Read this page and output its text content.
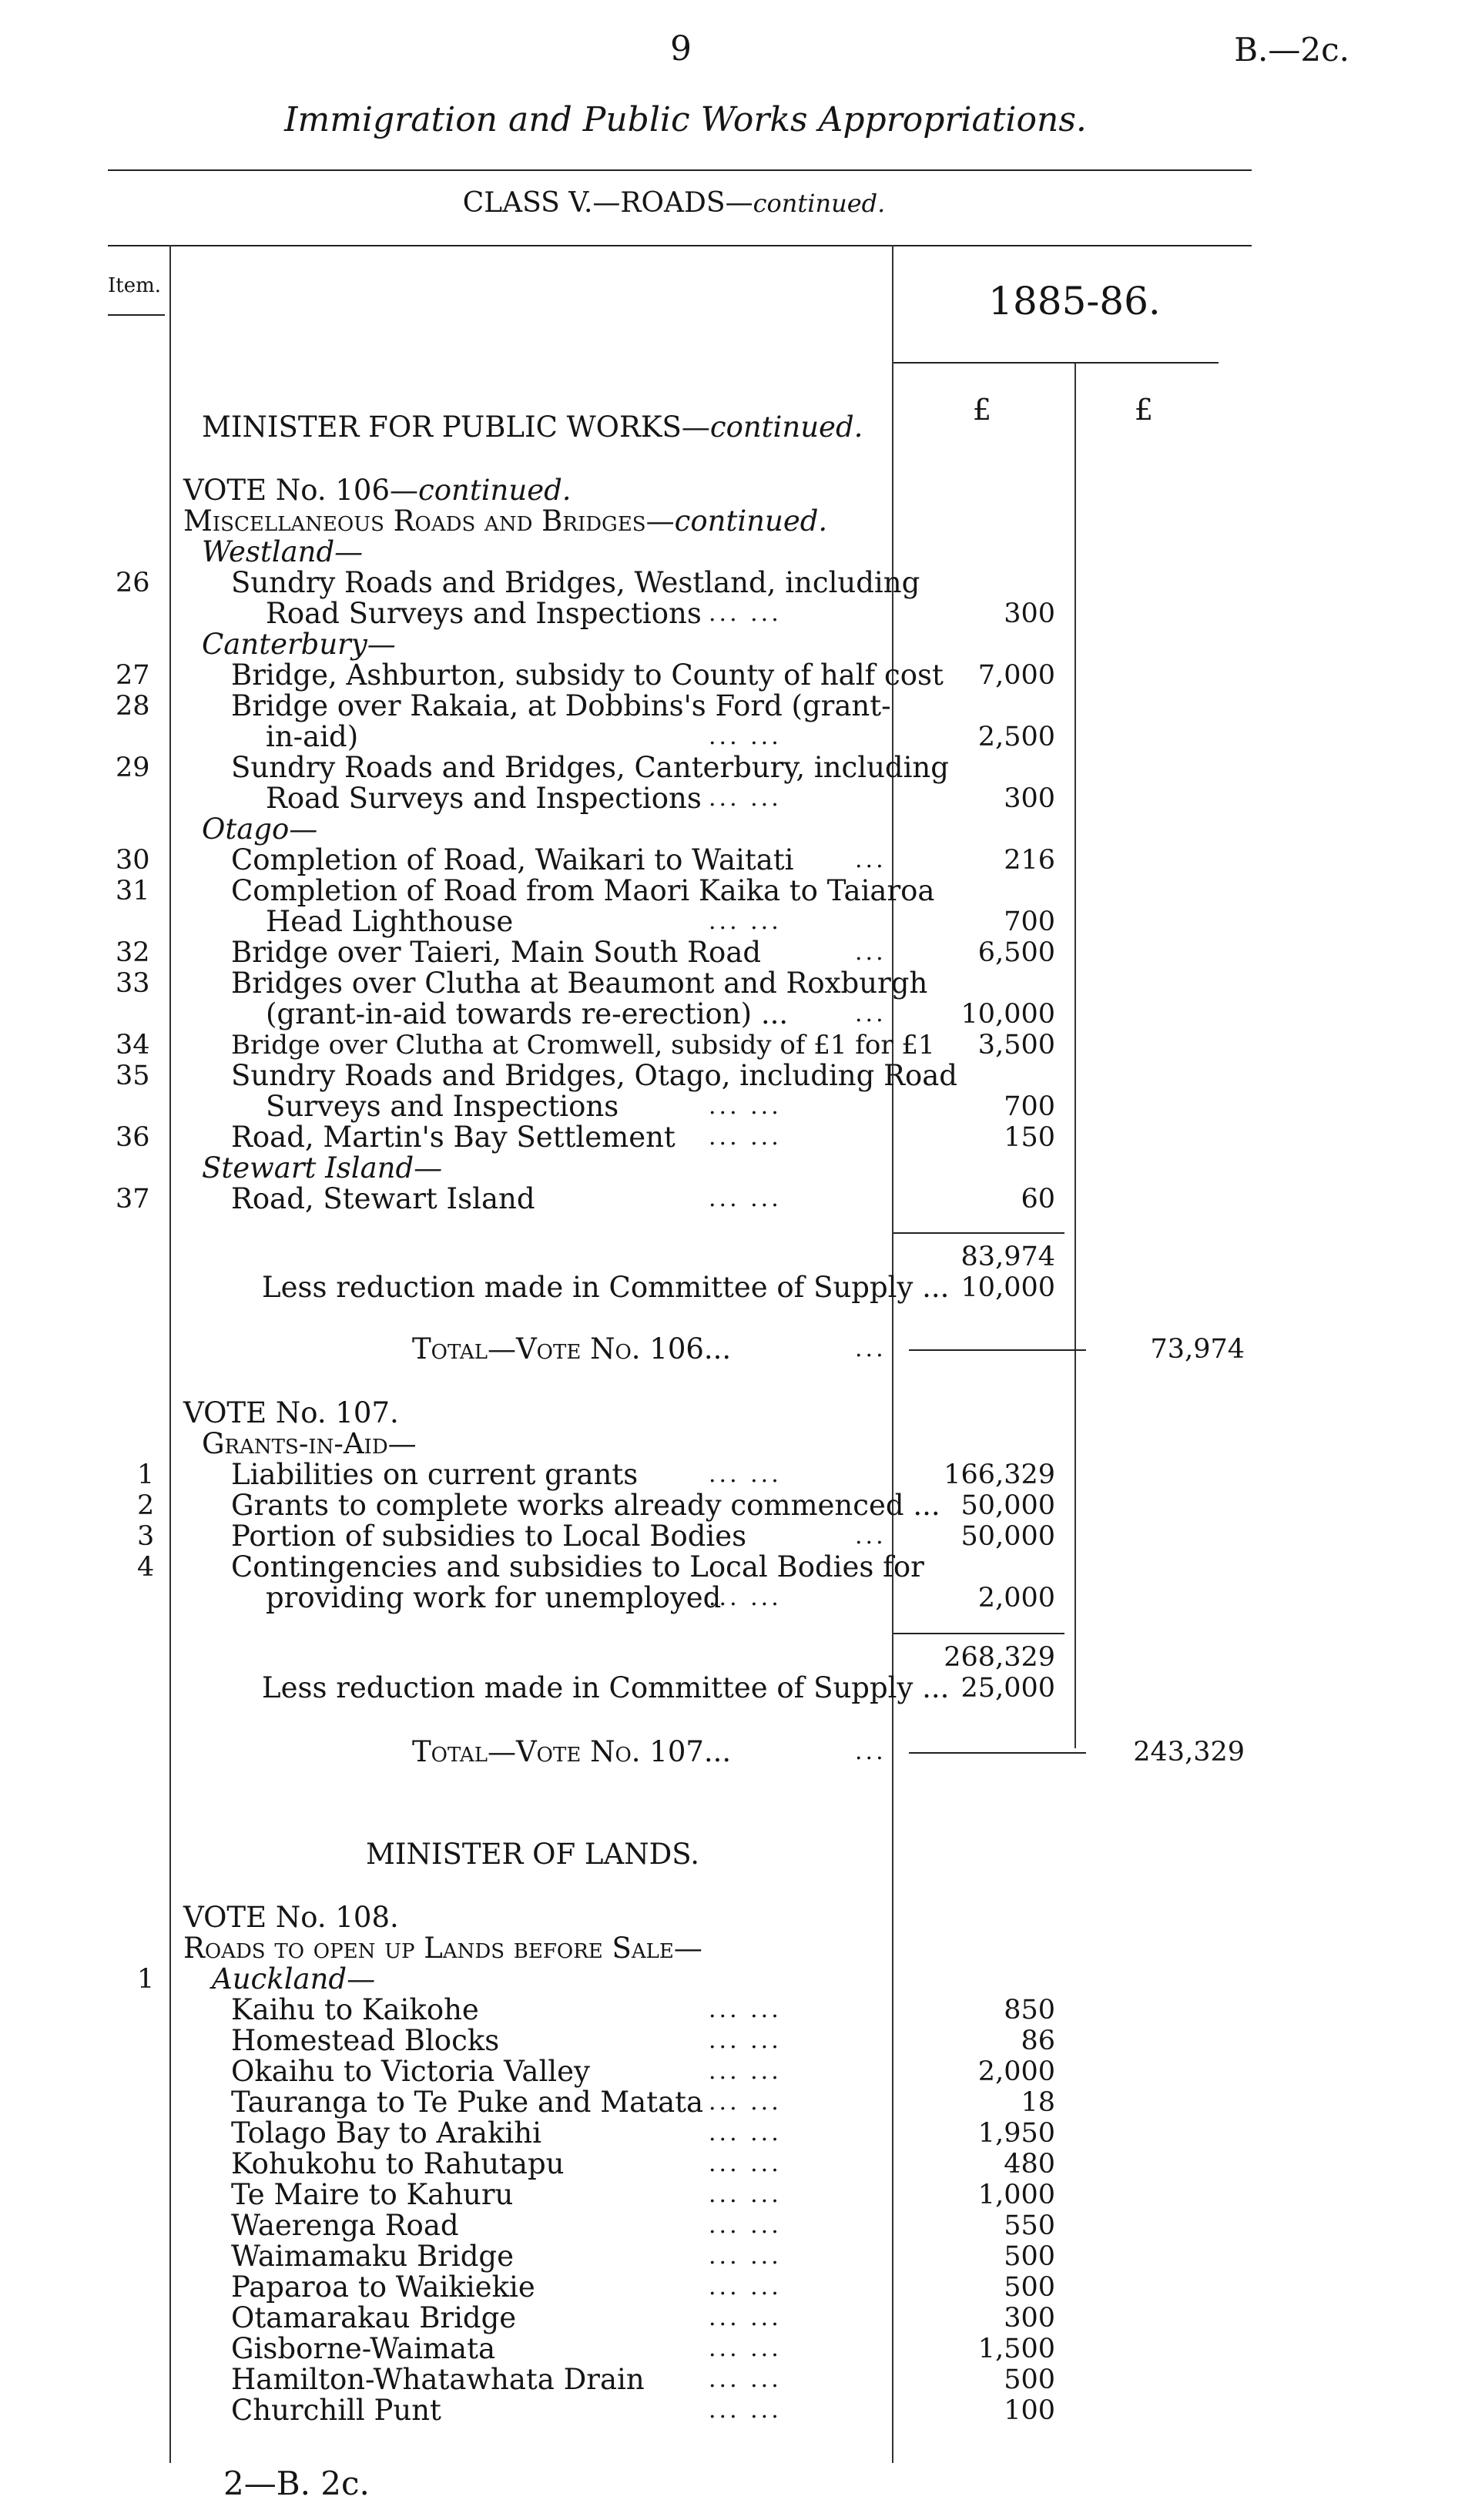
9	B.—2c.
Immigration and Public Works Appropriations.
CLASS V.—ROADS—continued.
Item.	1885-86.
£	£
MINISTER FOR PUBLIC WORKS—continued.
VOTE No. 106—continued.
Miscellaneous Roads and Bridges—continued.
Westland—
26	Sundry Roads and Bridges, Westland, including
Road Surveys and Inspections ... ...	300
Canterbury—
27	Bridge, Ashburton, subsidy to County of half cost	7,000
28	Bridge over Rakaia, at Dobbins's Ford (grant-
in-aid)	... ...	2,500
29	Sundry Roads and Bridges, Canterbury, including
Road Surveys and Inspections ... ...	300
Otago—
30	Completion of Road, Waikari to Waitati	...	216
31	Completion of Road from Maori Kaika to Taiaroa
Head Lighthouse	... ...	700
32	Bridge over Taieri, Main South Road	...	6,500
33	Bridges over Clutha at Beaumont and Roxburgh
(grant-in-aid towards re-erection) ...	...	10,000
34	Bridge over Clutha at Cromwell, subsidy of £1 for £1	3,500
35	Sundry Roads and Bridges, Otago, including Road
Surveys and Inspections	... ...	700
36	Road, Martin's Bay Settlement ... ...	150
Stewart Island—
37	Road, Stewart Island	... ...	60
83,974
Less reduction made in Committee of Supply ... 10,000
Total—Vote No. 106...	...	73,974
VOTE No. 107.
Grants-in-Aid—
1	Liabilities on current grants	... ...	166,329
2	Grants to complete works already commenced ... 50,000
3	Portion of subsidies to Local Bodies	...	50,000
4	Contingencies and subsidies to Local Bodies for
providing work for unemployed
... ...	2,000
268,329
Less reduction made in Committee of Supply ... 25,000
Total—Vote No. 107...	...	243,329
MINISTER OF LANDS.
VOTE No. 108.
Roads to open up Lands before Sale—
1 Auckland—
Kaihu to Kaikohe	... ...	850
Homestead Blocks	... ...	86
Okaihu to Victoria Valley	... ...	2,000
Tauranga to Te Puke and Matata ... ...	18
Tolago Bay to Arakihi	... ...	1,950
Kohukohu to Rahutapu	... ...	480
Te Maire to Kahuru	... ...	1,000
Waerenga Road	... ...	550
Waimamaku Bridge	... ...	500
Paparoa to Waikiekie	... ...	500
Otamarakau Bridge	... ...	300
Gisborne-Waimata	... ...	1,500
Hamilton-Whatawhata Drain	... ...	500
Churchill Punt	... ...	100
2—B. 2c.
